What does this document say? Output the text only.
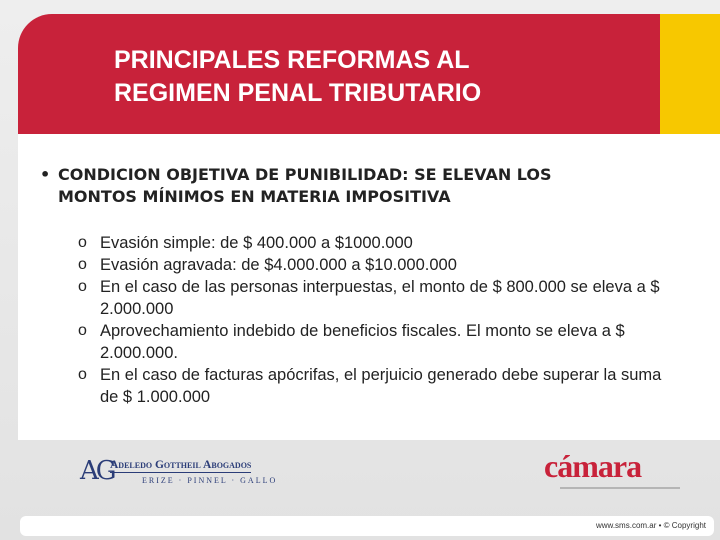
PRINCIPALES REFORMAS AL
REGIMEN PENAL TRIBUTARIO
• CONDICION OBJETIVA DE PUNIBILIDAD: SE ELEVAN LOS
MONTOS MÍNIMOS EN MATERIA IMPOSITIVA
o Evasión simple: de $ 400.000 a $1000.000
o Evasión agravada: de $4.000.000 a $10.000.000
o En el caso de las personas interpuestas, el monto de $ 800.000 se eleva a $ 2.000.000
o Aprovechamiento indebido de beneficios fiscales. El monto se eleva a $ 2.000.000.
o En el caso de facturas apócrifas, el perjuicio generado debe superar la suma de $ 1.000.000
AG
Adeledo Gottheil Abogados
ERIZE · PINNEL · GALLO	cámara
www.sms.com.ar • © Copyright
